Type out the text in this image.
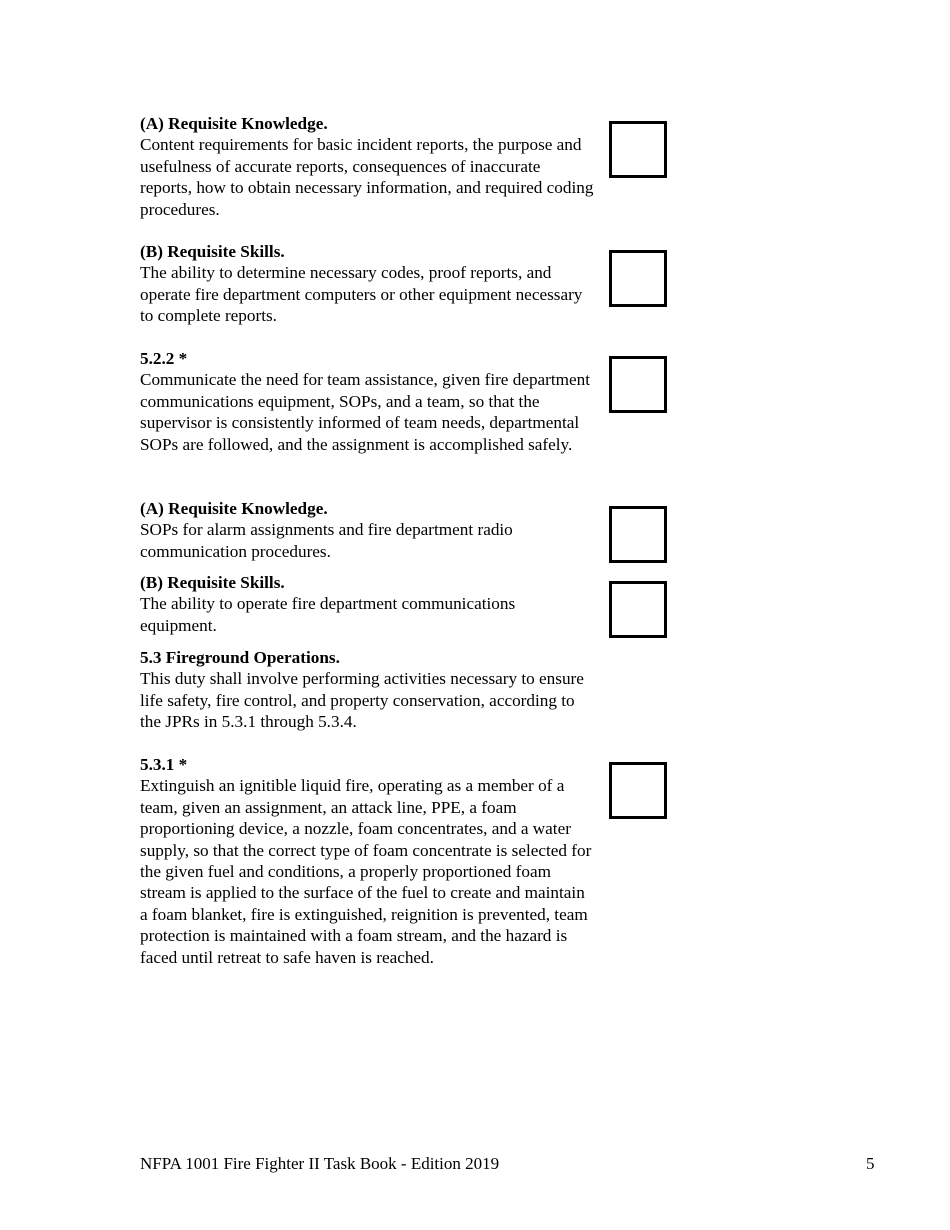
(A) Requisite Knowledge.
Content requirements for basic incident reports, the purpose and usefulness of accurate reports, consequences of inaccurate reports, how to obtain necessary information, and required coding procedures.
(B) Requisite Skills.
The ability to determine necessary codes, proof reports, and operate fire department computers or other equipment necessary to complete reports.
5.2.2 *
Communicate the need for team assistance, given fire department communications equipment, SOPs, and a team, so that the supervisor is consistently informed of team needs, departmental SOPs are followed, and the assignment is accomplished safely.
(A) Requisite Knowledge.
SOPs for alarm assignments and fire department radio communication procedures.
(B) Requisite Skills.
The ability to operate fire department communications equipment.
5.3 Fireground Operations.
This duty shall involve performing activities necessary to ensure life safety, fire control, and property conservation, according to the JPRs in 5.3.1 through 5.3.4.
5.3.1 *
Extinguish an ignitible liquid fire, operating as a member of a team, given an assignment, an attack line, PPE, a foam proportioning device, a nozzle, foam concentrates, and a water supply, so that the correct type of foam concentrate is selected for the given fuel and conditions, a properly proportioned foam stream is applied to the surface of the fuel to create and maintain a foam blanket, fire is extinguished, reignition is prevented, team protection is maintained with a foam stream, and the hazard is faced until retreat to safe haven is reached.
NFPA 1001 Fire Fighter II Task Book - Edition 2019	5
